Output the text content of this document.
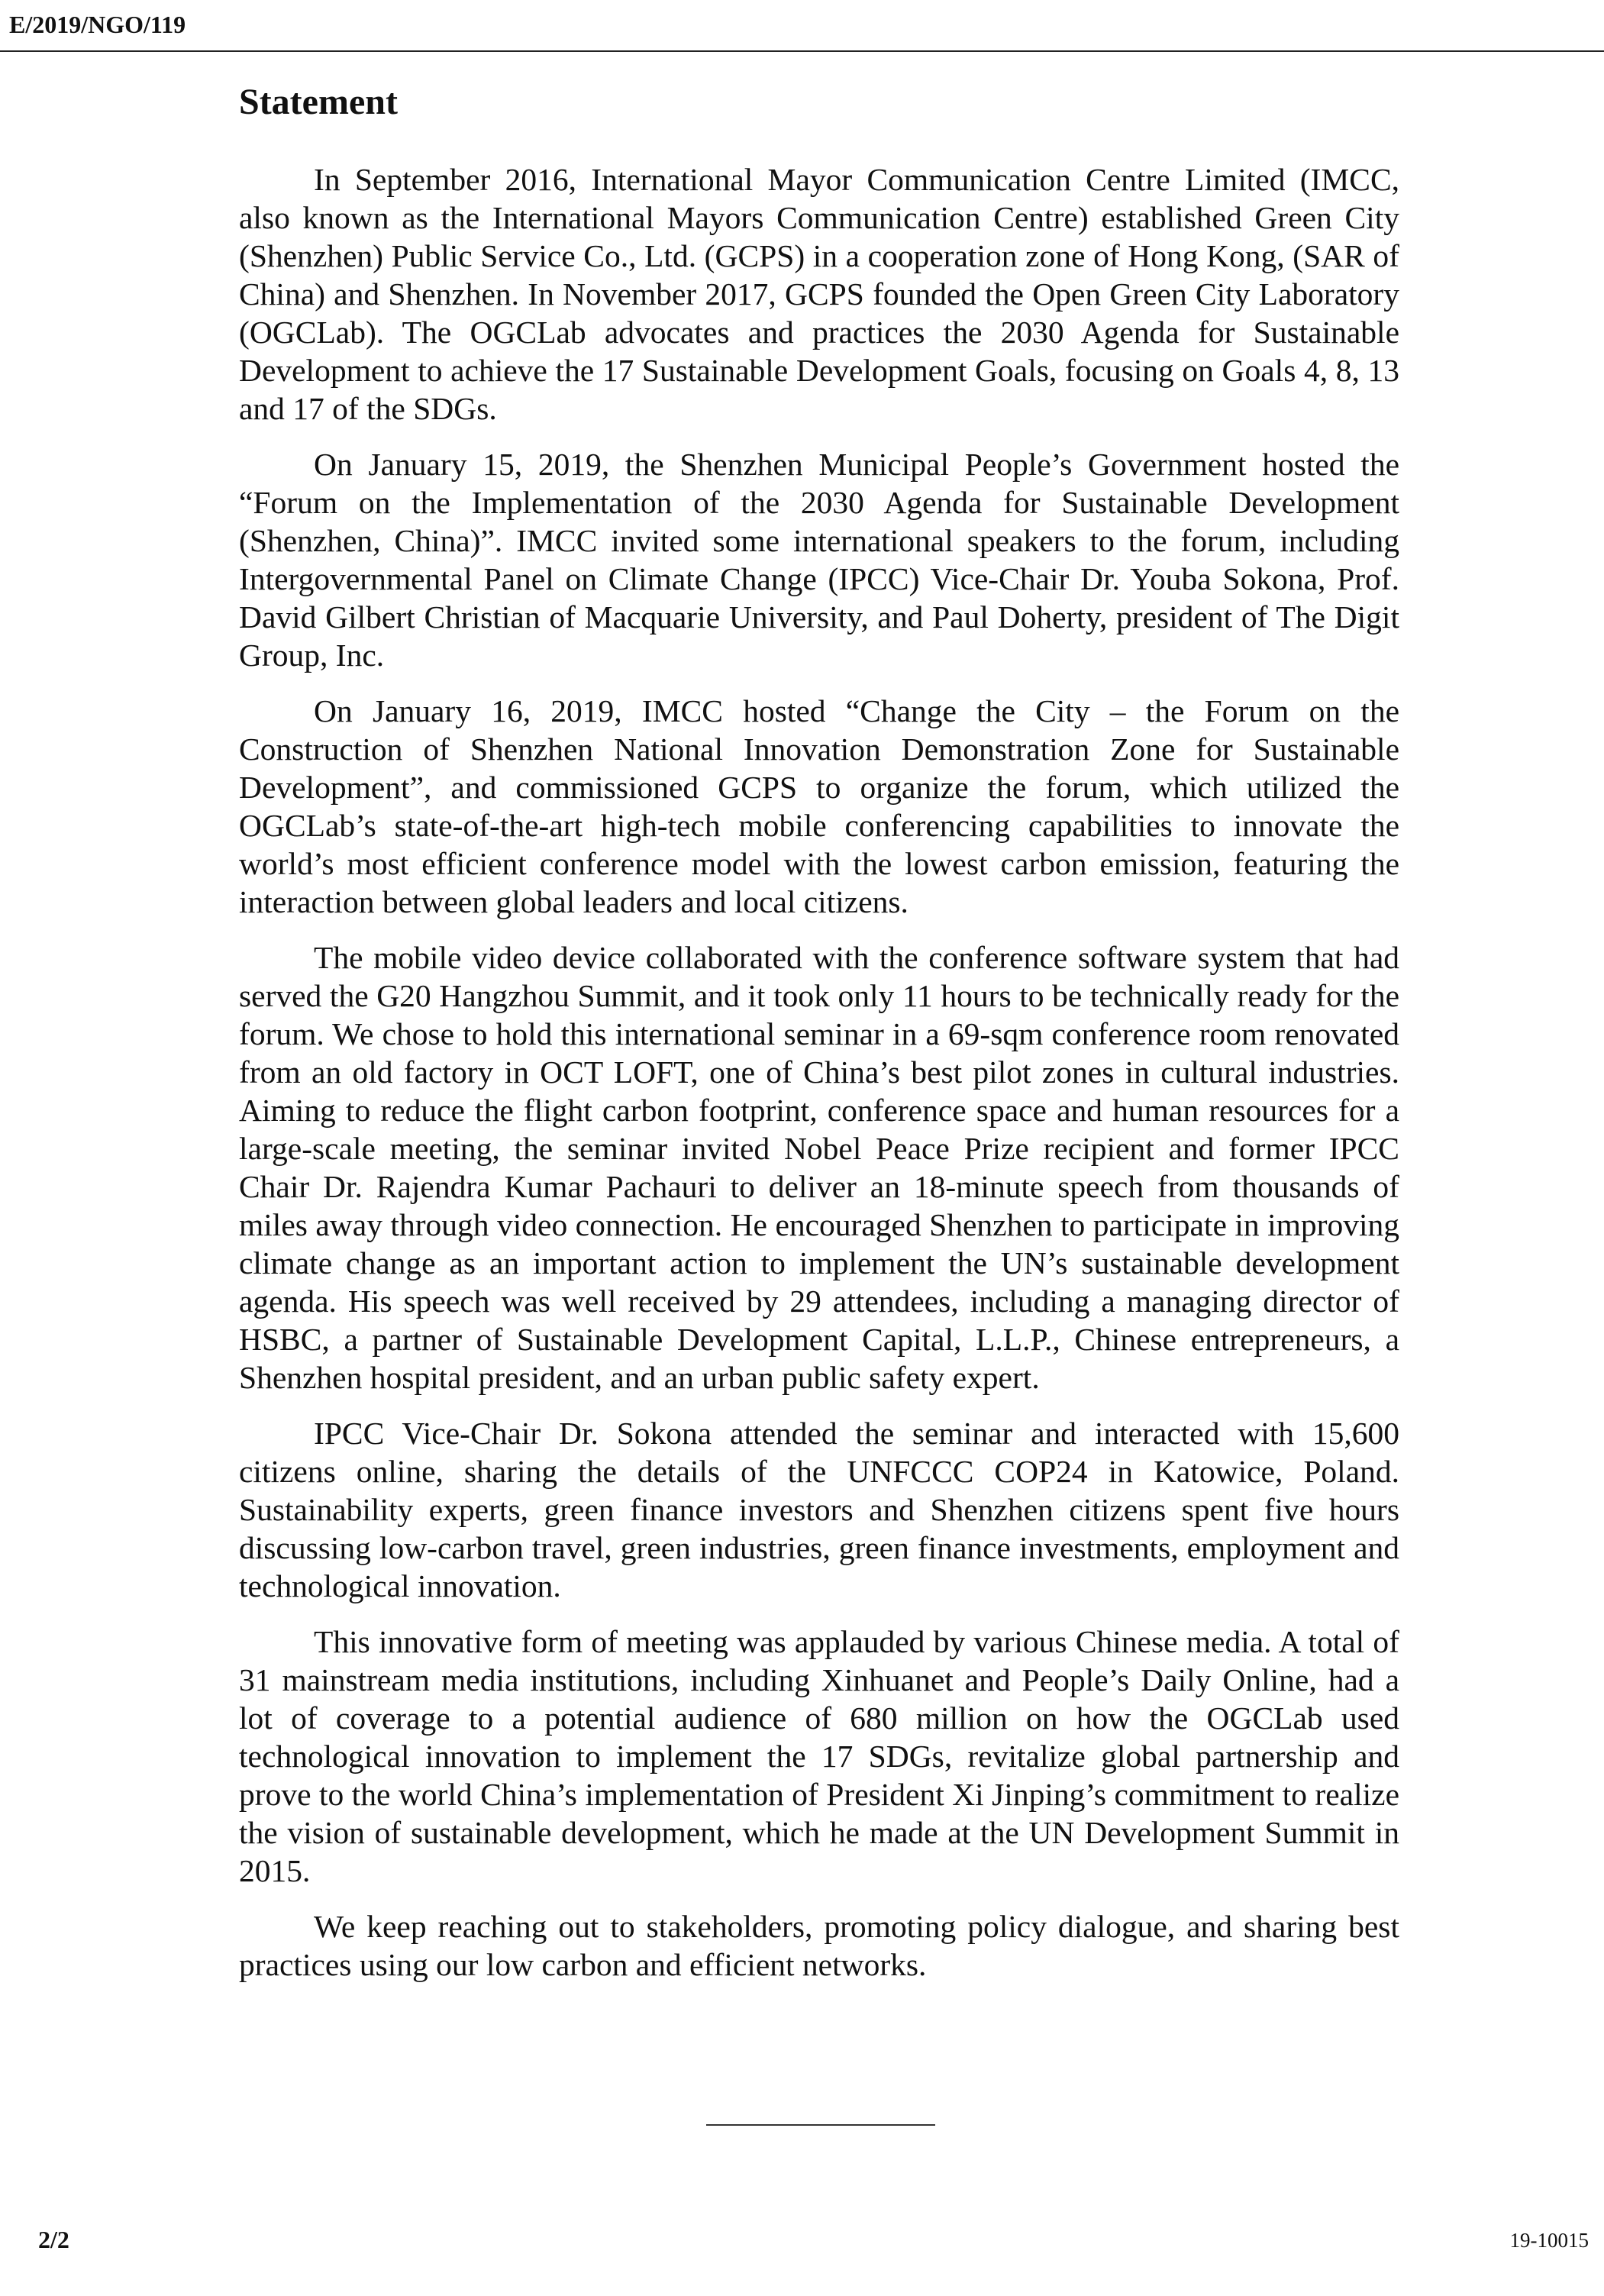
E/2019/NGO/119
Statement

In September 2016, International Mayor Communication Centre Limited (IMCC, also known as the International Mayors Communication Centre) established Green City (Shenzhen) Public Service Co., Ltd. (GCPS) in a cooperation zone of Hong Kong, (SAR of China) and Shenzhen. In November 2017, GCPS founded the Open Green City Laboratory (OGCLab). The OGCLab advocates and practices the 2030 Agenda for Sustainable Development to achieve the 17 Sustainable Development Goals, focusing on Goals 4, 8, 13 and 17 of the SDGs.

On January 15, 2019, the Shenzhen Municipal People’s Government hosted the “Forum on the Implementation of the 2030 Agenda for Sustainable Development (Shenzhen, China)”. IMCC invited some international speakers to the forum, including Intergovernmental Panel on Climate Change (IPCC) Vice-Chair Dr. Youba Sokona, Prof. David Gilbert Christian of Macquarie University, and Paul Doherty, president of The Digit Group, Inc.

On January 16, 2019, IMCC hosted “Change the City – the Forum on the Construction of Shenzhen National Innovation Demonstration Zone for Sustainable Development”, and commissioned GCPS to organize the forum, which utilized the OGCLab’s state-of-the-art high-tech mobile conferencing capabilities to innovate the world’s most efficient conference model with the lowest carbon emission, featuring the interaction between global leaders and local citizens.

The mobile video device collaborated with the conference software system that had served the G20 Hangzhou Summit, and it took only 11 hours to be technically ready for the forum. We chose to hold this international seminar in a 69-sqm conference room renovated from an old factory in OCT LOFT, one of China’s best pilot zones in cultural industries. Aiming to reduce the flight carbon footprint, conference space and human resources for a large-scale meeting, the seminar invited Nobel Peace Prize recipient and former IPCC Chair Dr. Rajendra Kumar Pachauri to deliver an 18-minute speech from thousands of miles away through video connection. He encouraged Shenzhen to participate in improving climate change as an important action to implement the UN’s sustainable development agenda. His speech was well received by 29 attendees, including a managing director of HSBC, a partner of Sustainable Development Capital, L.L.P., Chinese entrepreneurs, a Shenzhen hospital president, and an urban public safety expert.

IPCC Vice-Chair Dr. Sokona attended the seminar and interacted with 15,600 citizens online, sharing the details of the UNFCCC COP24 in Katowice, Poland. Sustainability experts, green finance investors and Shenzhen citizens spent five hours discussing low-carbon travel, green industries, green finance investments, employment and technological innovation.

This innovative form of meeting was applauded by various Chinese media. A total of 31 mainstream media institutions, including Xinhuanet and People’s Daily Online, had a lot of coverage to a potential audience of 680 million on how the OGCLab used technological innovation to implement the 17 SDGs, revitalize global partnership and prove to the world China’s implementation of President Xi Jinping’s commitment to realize the vision of sustainable development, which he made at the UN Development Summit in 2015.

We keep reaching out to stakeholders, promoting policy dialogue, and sharing best practices using our low carbon and efficient networks.

2/2	19-10015
